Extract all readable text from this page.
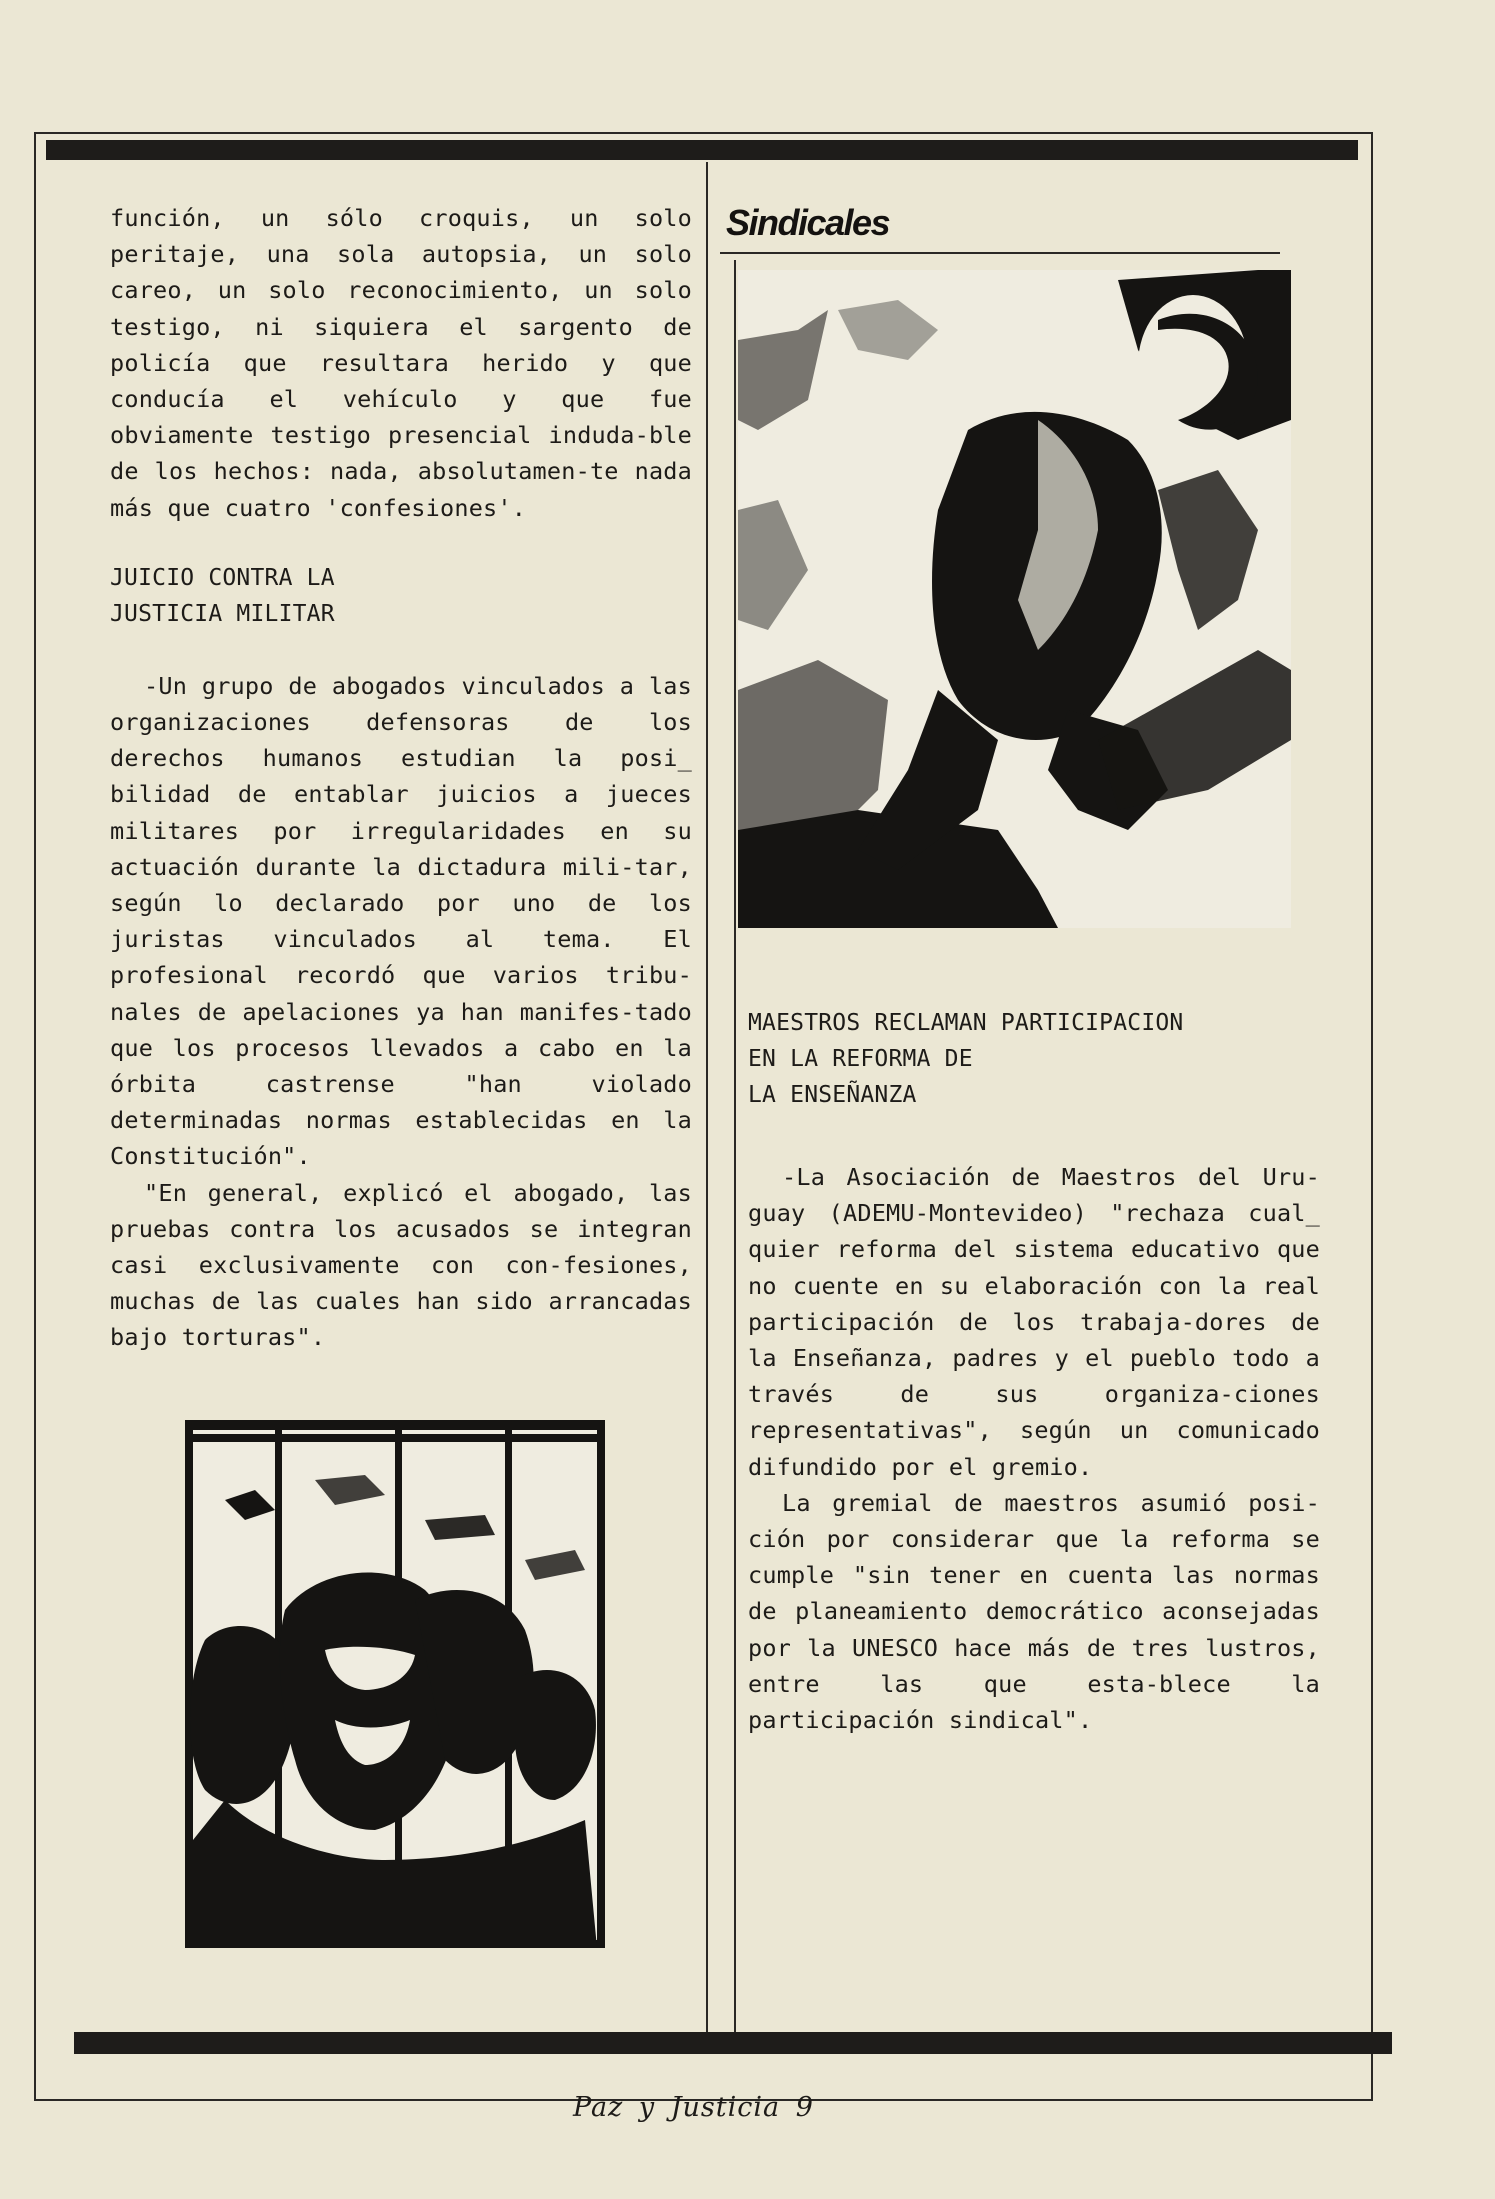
función, un sólo croquis, un solo peritaje, una sola autopsia, un solo careo, un solo reconocimiento, un solo testigo, ni siquiera el sargento de policía que resultara herido y que conducía el vehículo y que fue obviamente testigo presencial induda-ble de los hechos: nada, absolutamen-te nada más que cuatro 'confesiones'.

JUICIO CONTRA LA
JUSTICIA MILITAR

-Un grupo de abogados vinculados a las organizaciones defensoras de los derechos humanos estudian la posi_ bilidad de entablar juicios a jueces militares por irregularidades en su actuación durante la dictadura mili-tar, según lo declarado por uno de los juristas vinculados al tema. El profesional recordó que varios tribu-nales de apelaciones ya han manifes-tado que los procesos llevados a cabo en la órbita castrense "han violado determinadas normas establecidas en la Constitución".

"En general, explicó el abogado, las pruebas contra los acusados se integran casi exclusivamente con con-fesiones, muchas de las cuales han sido arrancadas bajo torturas".

Sindicales
MAESTROS RECLAMAN PARTICIPACION
EN LA REFORMA DE
LA ENSEÑANZA

-La Asociación de Maestros del Uru-guay (ADEMU-Montevideo) "rechaza cual_ quier reforma del sistema educativo que no cuente en su elaboración con la real participación de los trabaja-dores de la Enseñanza, padres y el pueblo todo a través de sus organiza-ciones representativas", según un comunicado difundido por el gremio.

La gremial de maestros asumió posi-ción por considerar que la reforma se cumple "sin tener en cuenta las normas de planeamiento democrático aconsejadas por la UNESCO hace más de tres lustros, entre las que esta-blece la participación sindical".

Paz y Justicia 9
